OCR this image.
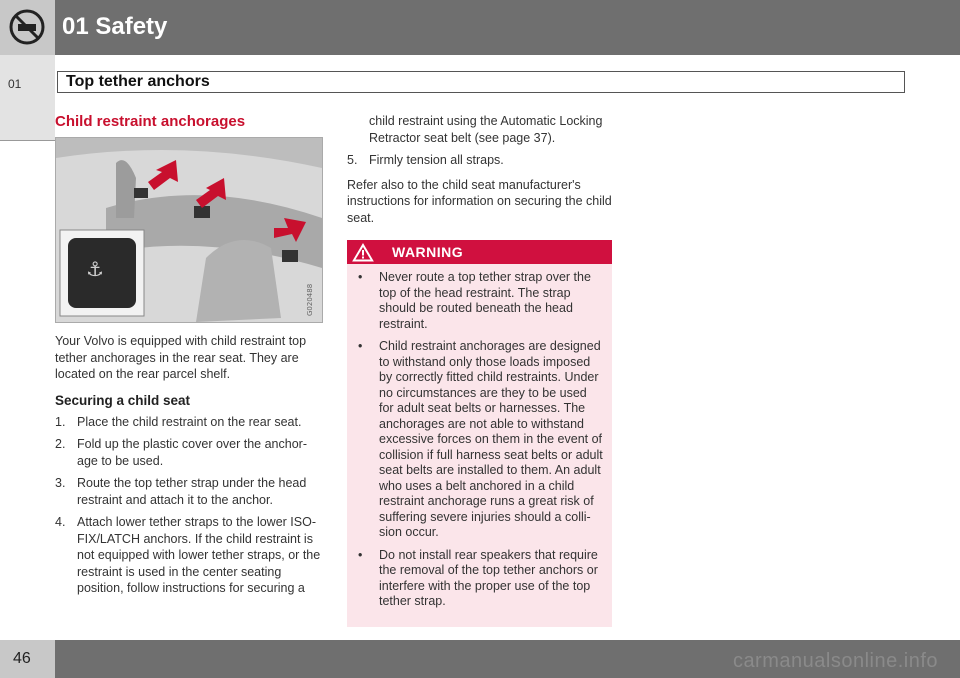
01 Safety
01	Top tether anchors
Child restraint anchorages
⚓
G020488

Your Volvo is equipped with child restraint top tether anchorages in the rear seat. They are located on the rear parcel shelf.

Securing a child seat
1. Place the child restraint on the rear seat.
2. Fold up the plastic cover over the anchor- age to be used.
3. Route the top tether strap under the head restraint and attach it to the anchor.
4. Attach lower tether straps to the lower ISO- FIX/LATCH anchors. If the child restraint is not equipped with lower tether straps, or the restraint is used in the center seating position, follow instructions for securing a

child restraint using the Automatic Locking Retractor seat belt (see page 37).

5. Firmly tension all straps.

Refer also to the child seat manufacturer's instructions for information on securing the child seat.

WARNING
• Never route a top tether strap over the top of the head restraint. The strap should be routed beneath the head restraint.
• Child restraint anchorages are designed to withstand only those loads imposed by correctly fitted child restraints. Under no circumstances are they to be used for adult seat belts or harnesses. The anchorages are not able to withstand excessive forces on them in the event of collision if full harness seat belts or adult seat belts are installed to them. An adult who uses a belt anchored in a child restraint anchorage runs a great risk of suffering severe injuries should a colli- sion occur.
• Do not install rear speakers that require the removal of the top tether anchors or interfere with the proper use of the top tether strap.
46	carmanualsonline.info
